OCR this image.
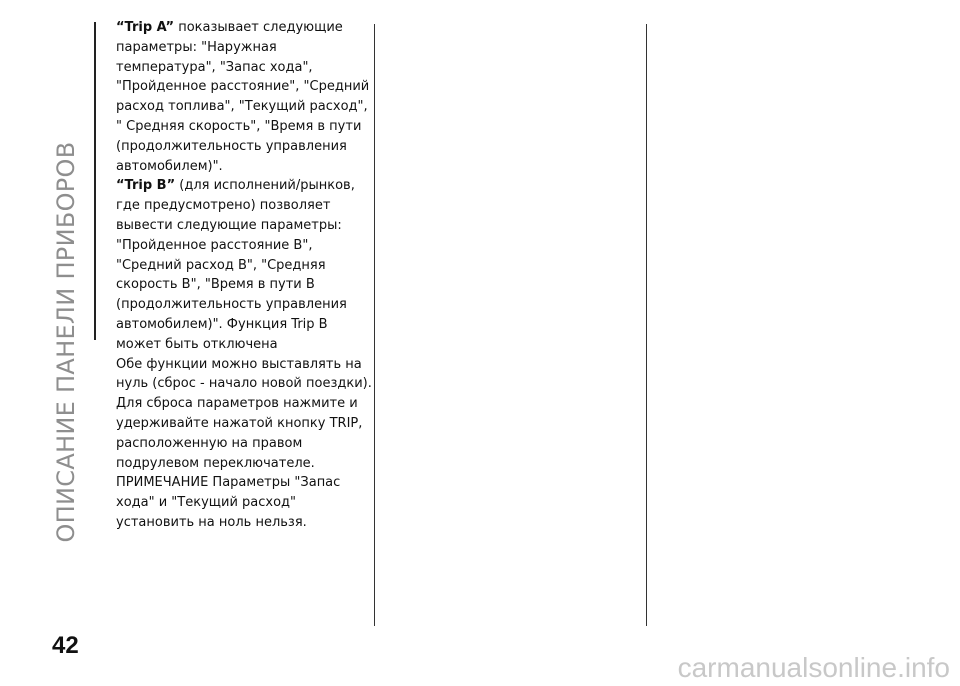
ОПИСАНИЕ ПАНЕЛИ ПРИБОРОВ

“Trip A” показывает следующие параметры: "Наружная температура", "Запас хода", "Пройденное расстояние", "Средний расход топлива", "Текущий расход", " Средняя скорость", "Время в пути (продолжительность управления автомобилем)".

“Trip B” (для исполнений/рынков, где предусмотрено) позволяет вывести следующие параметры: "Пройденное расстояние B", "Средний расход B", "Средняя скорость B", "Время в пути B (продолжительность управления автомобилем)". Функция Trip B может быть отключена

Обе функции можно выставлять на нуль (сброс - начало новой поездки). Для сброса параметров нажмите и удерживайте нажатой кнопку TRIP, расположенную на правом подрулевом переключателе.

ПРИМЕЧАНИЕ Параметры "Запас хода" и "Текущий расход" установить на ноль нельзя.

42
carmanualsonline.info
